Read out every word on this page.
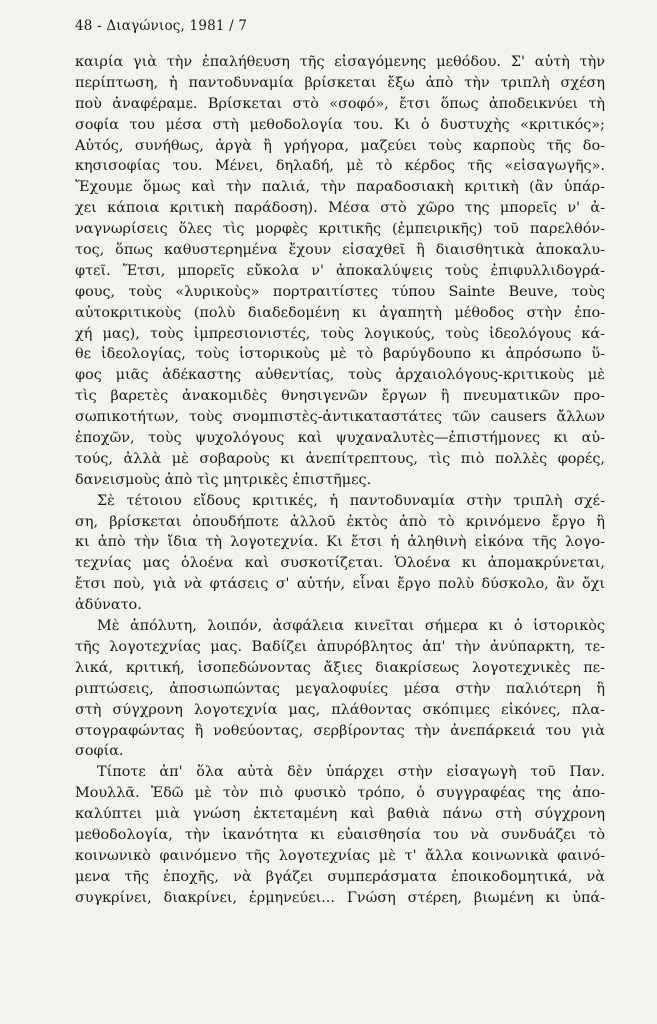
48 - Διαγώνιος, 1981 / 7
καιρία γιὰ τὴν ἐπαλήθευση τῆς εἰσαγόμενης μεθόδου. Σ' αὐτὴ τὴν
περίπτωση, ἡ παντοδυναμία βρίσκεται ἔξω ἀπὸ τὴν τριπλὴ σχέση
ποὺ ἀναφέραμε. Βρίσκεται στὸ «σοφό», ἔτσι ὅπως ἀποδεικνύει τὴ
σοφία του μέσα στὴ μεθοδολογία του. Κι ὁ δυστυχὴς «κριτικός»;
Αὐτός, συνήθως, ἀργὰ ἢ γρήγορα, μαζεύει τοὺς καρποὺς τῆς δο-
κησισοφίας του. Μένει, δηλαδή, μὲ τὸ κέρδος τῆς «εἰσαγωγῆς».
Ἔχουμε ὅμως καὶ τὴν παλιά, τὴν παραδοσιακὴ κριτικὴ (ἂν ὑπάρ-
χει κάποια κριτικὴ παράδοση). Μέσα στὸ χῶρο της μπορεῖς ν' ἀ-
ναγνωρίσεις ὅλες τὶς μορφὲς κριτικῆς (ἐμπειρικῆς) τοῦ παρελθόν-
τος, ὅπως καθυστερημένα ἔχουν εἰσαχθεῖ ἢ διαισθητικὰ ἀποκαλυ-
φτεῖ. Ἔτσι, μπορεῖς εὔκολα ν' ἀποκαλύψεις τοὺς ἐπιφυλλιδογρά-
φους, τοὺς «λυρικοὺς» πορτραιτίστες τύπου Sainte Beuve, τοὺς
αὐτοκριτικοὺς (πολὺ διαδεδομένη κι ἀγαπητὴ μέθοδος στὴν ἐπο-
χή μας), τοὺς ἰμπρεσιονιστές, τοὺς λογικούς, τοὺς ἰδεολόγους κά-
θε ἰδεολογίας, τοὺς ἱστορικοὺς μὲ τὸ βαρύγδουπο κι ἀπρόσωπο ὕ-
φος μιᾶς ἀδέκαστης αὐθεντίας, τοὺς ἀρχαιολόγους-κριτικοὺς μὲ
τὶς βαρετὲς ἀνακομιδὲς θνησιγενῶν ἔργων ἢ πνευματικῶν προ-
σωπικοτήτων, τοὺς σνομπιστὲς-ἀντικαταστάτες τῶν causers ἄλλων
ἐποχῶν, τοὺς ψυχολόγους καὶ ψυχαναλυτὲς—ἐπιστήμονες κι αὐ-
τούς, ἀλλὰ μὲ σοβαροὺς κι ἀνεπίτρεπτους, τὶς πιὸ πολλὲς φορές,
δανεισμοὺς ἀπὸ τὶς μητρικὲς ἐπιστῆμες.
Σὲ τέτοιου εἴδους κριτικές, ἡ παντοδυναμία στὴν τριπλὴ σχέ-
ση, βρίσκεται ὁπουδήποτε ἀλλοῦ ἐκτὸς ἀπὸ τὸ κρινόμενο ἔργο ἢ
κι ἀπὸ τὴν ἴδια τὴ λογοτεχνία. Κι ἔτσι ἡ ἀληθινὴ εἰκόνα τῆς λογο-
τεχνίας μας ὁλοένα καὶ συσκοτίζεται. Ὁλοένα κι ἀπομακρύνεται,
ἔτσι ποὺ, γιὰ νὰ φτάσεις σ' αὐτήν, εἶναι ἔργο πολὺ δύσκολο, ἂν ὄχι
ἀδύνατο.
Μὲ ἀπόλυτη, λοιπόν, ἀσφάλεια κινεῖται σήμερα κι ὁ ἱστορικὸς
τῆς λογοτεχνίας μας. Βαδίζει ἀπυρόβλητος ἀπ' τὴν ἀνύπαρκτη, τε-
λικά, κριτική, ἰσοπεδώνοντας ἄξιες διακρίσεως λογοτεχνικὲς πε-
ριπτώσεις, ἀποσιωπώντας μεγαλοφυίες μέσα στὴν παλιότερη ἢ
στὴ σύγχρονη λογοτεχνία μας, πλάθοντας σκόπιμες εἰκόνες, πλα-
στογραφώντας ἢ νοθεύοντας, σερβίροντας τὴν ἀνεπάρκειά του γιὰ
σοφία.
Τίποτε ἀπ' ὅλα αὐτὰ δὲν ὑπάρχει στὴν εἰσαγωγὴ τοῦ Παν.
Μουλλᾶ. Ἐδῶ μὲ τὸν πιὸ φυσικὸ τρόπο, ὁ συγγραφέας της ἀπο-
καλύπτει μιὰ γνώση ἐκτεταμένη καὶ βαθιὰ πάνω στὴ σύγχρονη
μεθοδολογία, τὴν ἱκανότητα κι εὐαισθησία του νὰ συνδυάζει τὸ
κοινωνικὸ φαινόμενο τῆς λογοτεχνίας μὲ τ' ἄλλα κοινωνικὰ φαινό-
μενα τῆς ἐποχῆς, νὰ βγάζει συμπεράσματα ἐποικοδομητικά, νὰ
συγκρίνει, διακρίνει, ἑρμηνεύει... Γνώση στέρεη, βιωμένη κι ὑπά-
